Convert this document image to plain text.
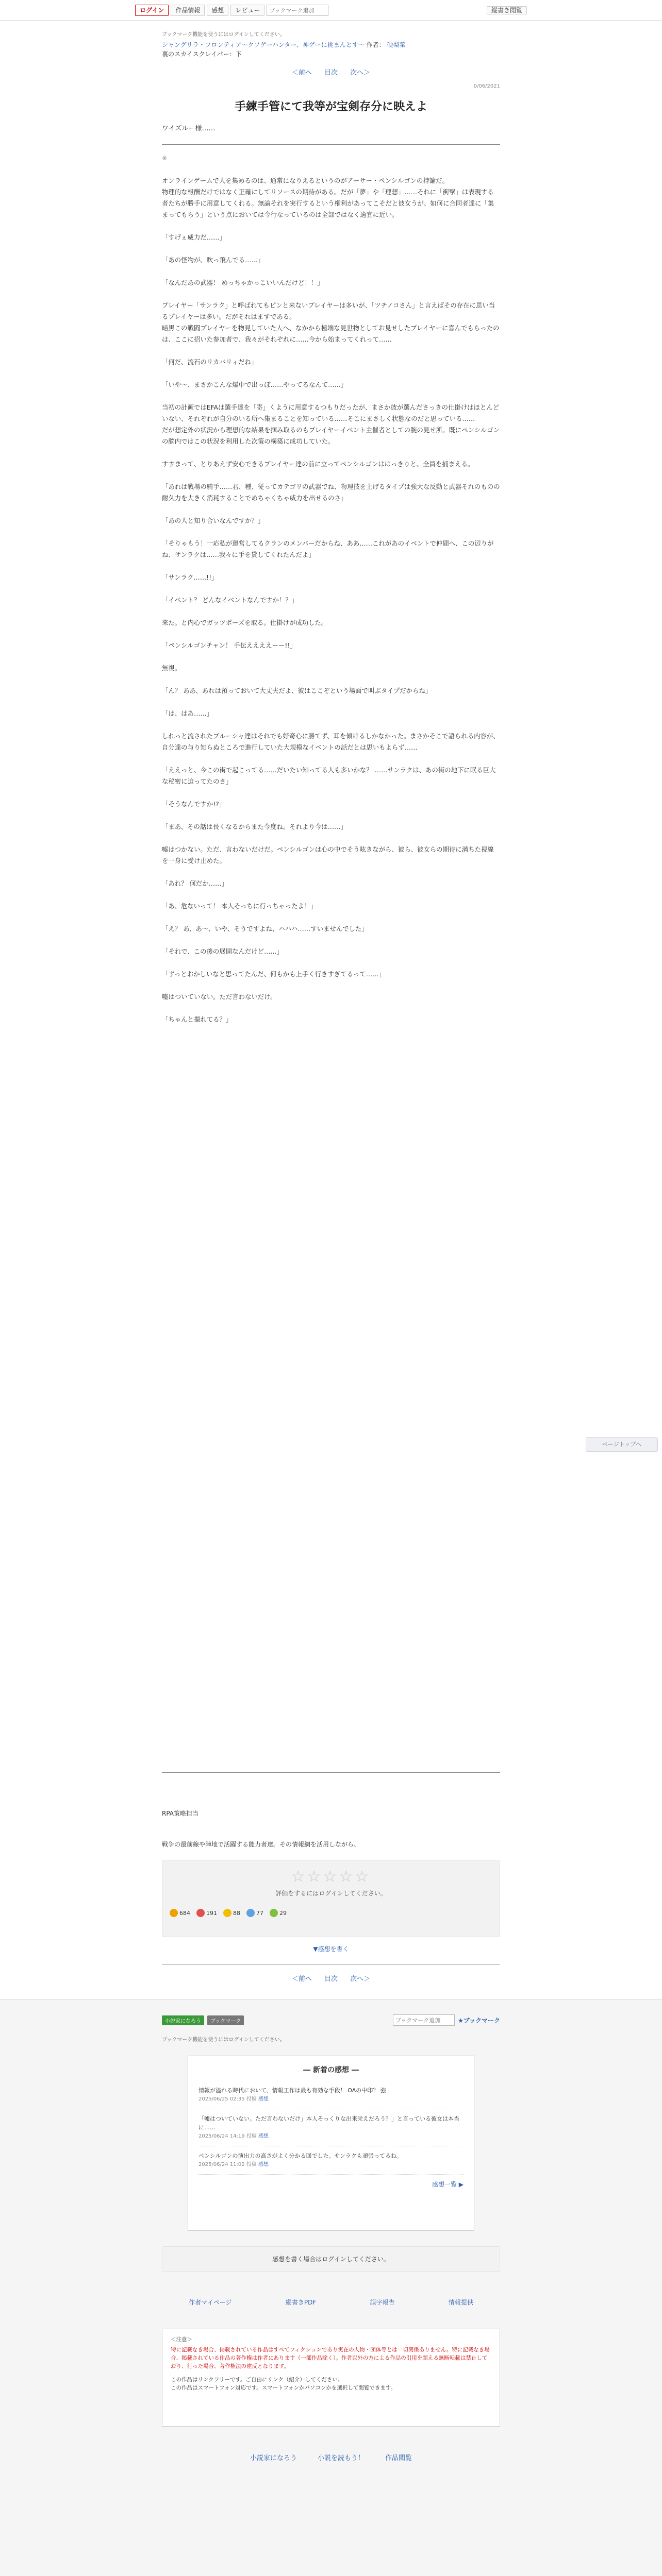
ログイン	作品情報	感想	レビュー
ブックマーク追加	縦書き閲覧
ブックマーク機能を使うにはログインしてください。
シャングリラ・フロンティア〜クソゲーハンター、神ゲーに挑まんとす〜 作者： 硬梨菜
裏のスカイスクレイパー：下
＜前へ 目次 次へ＞
0/06/2021
手練手管にて我等が宝剣存分に映えよ
ワイズルー様……
※
オンラインゲームで人を集めるのは、通常になりえるというのがアーサー・ペンシルゴンの持論だ。
物理的な報酬だけではなく正確にしてリソースの期待がある。だが「夢」や「理想」……それに「衝撃」は表現する者たちが勝手に用意してくれる。無論それを実行するという権利があってこそだと彼女うが、如何に合同者達に「集まってもらう」という点においては今行なっているのは全部ではなく適宜に近い。

「すげぇ威力だ……」

「あの怪物が、吹っ飛んでる……」

「なんだあの武器！ めっちゃかっこいいんだけど！！」

プレイヤー「サンラク」と呼ばれてもピンと来ないプレイヤーは多いが、「ツチノコさん」と言えばその存在に思い当るプレイヤーは多い。だがそれはまずである。
暗黒この戦闘プレイヤーを物見していた人へ、なかから極端な見世物としてお見せしたプレイヤーに喜んでもらったのは、ここに招いた参加者で、我々がそれぞれに……今から始まってくれって……

「何だ、流石のリカバリィだね」

「いや〜、まさかこんな爆中で出っぽ……やってるなんて……」

当初の計画ではEFAは選手達を「寄」くように用意するつもりだったが、まさか彼が選んださっきの仕掛けはほとんどいない、それぞれが自分のいる所へ集まることを知っている……そこにまさしく状態なのだと思っている……
だが想定外の状況から理想的な結果を掴み取るのもプレイヤーイベント主催者としての腕の見せ所。既にペンシルゴンの脳内ではこの状況を利用した次策の構築に成功していた。

すすまって、とりあえず安心できるプレイヤー達の前に立ってペンシルゴンははっきりと、全員を捕まえる。

「あれは戦場の騎手……君、種、従ってカテゴリの武器でね、物理技を上げるタイプは強大な反動と武器それのものの耐久力を大きく消耗することでめちゃくちゃ威力を出せるのさ」

「あの人と知り合いなんですか？」

「そりゃもう！一応私が運営してるクランのメンバーだからね、ああ……これがあのイベントで仲間へ、この辺りがね、サンラクは……我々に手を貸してくれたんだよ」

「サンラク……!!」

「イベント？ どんなイベントなんですか！？」

来た。と内心でガッツポーズを取る。仕掛けが成功した。

「ペンシルゴンチャン！ 手伝ええええーー!!」

無視。

「ん？ ああ、あれは預っておいて大丈夫だよ、彼はここぞという場面で叫ぶタイプだからね」

「は、はあ……」

しれっと流されたブルーシャ達はそれでも好奇心に勝てず、耳を傾けるしかなかった。まさかそこで語られる内容が、自分達の与り知らぬところで進行していた大規模なイベントの話だとは思いもよらず……

「ええっと、今この街で起こってる……だいたい知ってる人も多いかな？ ……サンラクは、あの街の地下に眠る巨大な秘密に迫ってたのさ」

「そうなんですか!?」

「まあ、その話は長くなるからまた今度ね。それより今は……」

嘘はつかない。ただ、言わないだけだ。ペンシルゴンは心の中でそう呟きながら、彼ら、彼女らの期待に満ちた視線を一身に受け止めた。

「あれ？ 何だか……」

「あ、危ないって！ 本人そっちに行っちゃったよ！」

「え？ あ、あ〜、いや、そうですよね、ハハハ……すいませんでした」

「それで、この後の展開なんだけど……」

「ずっとおかしいなと思ってたんだ、何もかも上手く行きすぎてるって……」

嘘はついていない。ただ言わないだけ。

「ちゃんと撮れてる？」

RPA策略担当

戦争の最前線や陣地で活躍する能力者達。その情報網を活用しながら、

☆☆☆☆☆
評価をするにはログインしてください。
684	191	88	77	29
▼感想を書く
＜前へ 目次 次へ＞
ページトップへ
小説家になろう	ブックマーク
ブックマーク追加	★ブックマーク
ブックマーク機能を使うにはログインしてください。
― 新着の感想 ―
情報が溢れる時代において、情報工作は最も有効な手段！ OAの中印？ 強
2025/06/25 02:35 投稿 感想
「嘘はついていない。ただ言わないだけ」本人そっくりな出来栄えだろう？」と言っている彼女は本当に……
2025/06/24 14:19 投稿 感想
ペンシルゴンの演出力の高さがよく分かる回でした。サンラクも頑張ってるね。
2025/06/24 11:02 投稿 感想
感想一覧 ▶
感想を書く場合はログインしてください。
作者マイページ	縦書きPDF	誤字報告	情報提供
＜注意＞
特に記載なき場合、掲載されている作品はすべてフィクションであり実在の人物・団体等とは一切関係ありません。特に記載なき場合、掲載されている作品の著作権は作者にあります（一部作品除く）。作者以外の方による作品の引用を超える無断転載は禁止しており、行った場合、著作権法の違反となります。
この作品はリンクフリーです。ご自由にリンク（紹介）してください。
この作品はスマートフォン対応です。スマートフォンかパソコンかを選択して閲覧できます。
小説家になろう	小説を読もう！	作品閲覧
